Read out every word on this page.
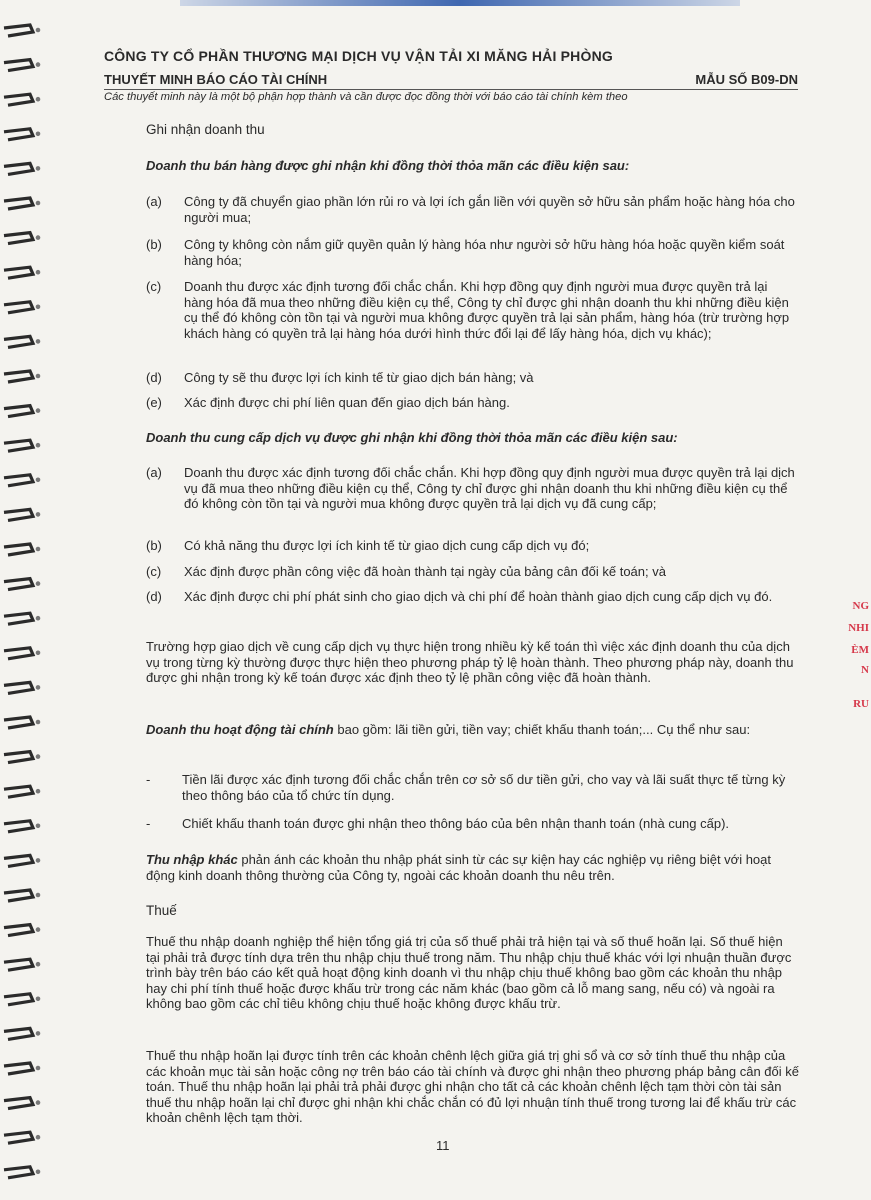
NG
NHI
ÈM
N
RU
CÔNG TY CỔ PHẦN THƯƠNG MẠI DỊCH VỤ VẬN TẢI XI MĂNG HẢI PHÒNG
THUYẾT MINH BÁO CÁO TÀI CHÍNH	MẪU SỐ B09-DN
Các thuyết minh này là một bộ phận hợp thành và cần được đọc đồng thời với báo cáo tài chính kèm theo
Ghi nhận doanh thu
Doanh thu bán hàng được ghi nhận khi đồng thời thỏa mãn các điều kiện sau:
(a) Công ty đã chuyển giao phần lớn rủi ro và lợi ích gắn liền với quyền sở hữu sản phẩm hoặc hàng hóa cho người mua;
(b) Công ty không còn nắm giữ quyền quản lý hàng hóa như người sở hữu hàng hóa hoặc quyền kiểm soát hàng hóa;
(c) Doanh thu được xác định tương đối chắc chắn. Khi hợp đồng quy định người mua được quyền trả lại hàng hóa đã mua theo những điều kiện cụ thể, Công ty chỉ được ghi nhận doanh thu khi những điều kiện cụ thể đó không còn tồn tại và người mua không được quyền trả lại sản phẩm, hàng hóa (trừ trường hợp khách hàng có quyền trả lại hàng hóa dưới hình thức đổi lại để lấy hàng hóa, dịch vụ khác);
(d) Công ty sẽ thu được lợi ích kinh tế từ giao dịch bán hàng; và
(e) Xác định được chi phí liên quan đến giao dịch bán hàng.
Doanh thu cung cấp dịch vụ được ghi nhận khi đồng thời thỏa mãn các điều kiện sau:
(a) Doanh thu được xác định tương đối chắc chắn. Khi hợp đồng quy định người mua được quyền trả lại dịch vụ đã mua theo những điều kiện cụ thể, Công ty chỉ được ghi nhận doanh thu khi những điều kiện cụ thể đó không còn tồn tại và người mua không được quyền trả lại dịch vụ đã cung cấp;
(b) Có khả năng thu được lợi ích kinh tế từ giao dịch cung cấp dịch vụ đó;
(c) Xác định được phần công việc đã hoàn thành tại ngày của bảng cân đối kế toán; và
(d) Xác định được chi phí phát sinh cho giao dịch và chi phí để hoàn thành giao dịch cung cấp dịch vụ đó.
Trường hợp giao dịch về cung cấp dịch vụ thực hiện trong nhiều kỳ kế toán thì việc xác định doanh thu của dịch vụ trong từng kỳ thường được thực hiện theo phương pháp tỷ lệ hoàn thành. Theo phương pháp này, doanh thu được ghi nhận trong kỳ kế toán được xác định theo tỷ lệ phần công việc đã hoàn thành.
Doanh thu hoạt động tài chính bao gồm: lãi tiền gửi, tiền vay; chiết khấu thanh toán;... Cụ thể như sau:
- Tiền lãi được xác định tương đối chắc chắn trên cơ sở số dư tiền gửi, cho vay và lãi suất thực tế từng kỳ theo thông báo của tổ chức tín dụng.
- Chiết khấu thanh toán được ghi nhận theo thông báo của bên nhận thanh toán (nhà cung cấp).
Thu nhập khác phản ánh các khoản thu nhập phát sinh từ các sự kiện hay các nghiệp vụ riêng biệt với hoạt động kinh doanh thông thường của Công ty, ngoài các khoản doanh thu nêu trên.
Thuế
Thuế thu nhập doanh nghiệp thể hiện tổng giá trị của số thuế phải trả hiện tại và số thuế hoãn lại. Số thuế hiện tại phải trả được tính dựa trên thu nhập chịu thuế trong năm. Thu nhập chịu thuế khác với lợi nhuận thuần được trình bày trên báo cáo kết quả hoạt động kinh doanh vì thu nhập chịu thuế không bao gồm các khoản thu nhập hay chi phí tính thuế hoặc được khấu trừ trong các năm khác (bao gồm cả lỗ mang sang, nếu có) và ngoài ra không bao gồm các chỉ tiêu không chịu thuế hoặc không được khấu trừ.
Thuế thu nhập hoãn lại được tính trên các khoản chênh lệch giữa giá trị ghi sổ và cơ sở tính thuế thu nhập của các khoản mục tài sản hoặc công nợ trên báo cáo tài chính và được ghi nhận theo phương pháp bảng cân đối kế toán. Thuế thu nhập hoãn lại phải trả phải được ghi nhận cho tất cả các khoản chênh lệch tạm thời còn tài sản thuế thu nhập hoãn lại chỉ được ghi nhận khi chắc chắn có đủ lợi nhuận tính thuế trong tương lai để khấu trừ các khoản chênh lệch tạm thời.
11
